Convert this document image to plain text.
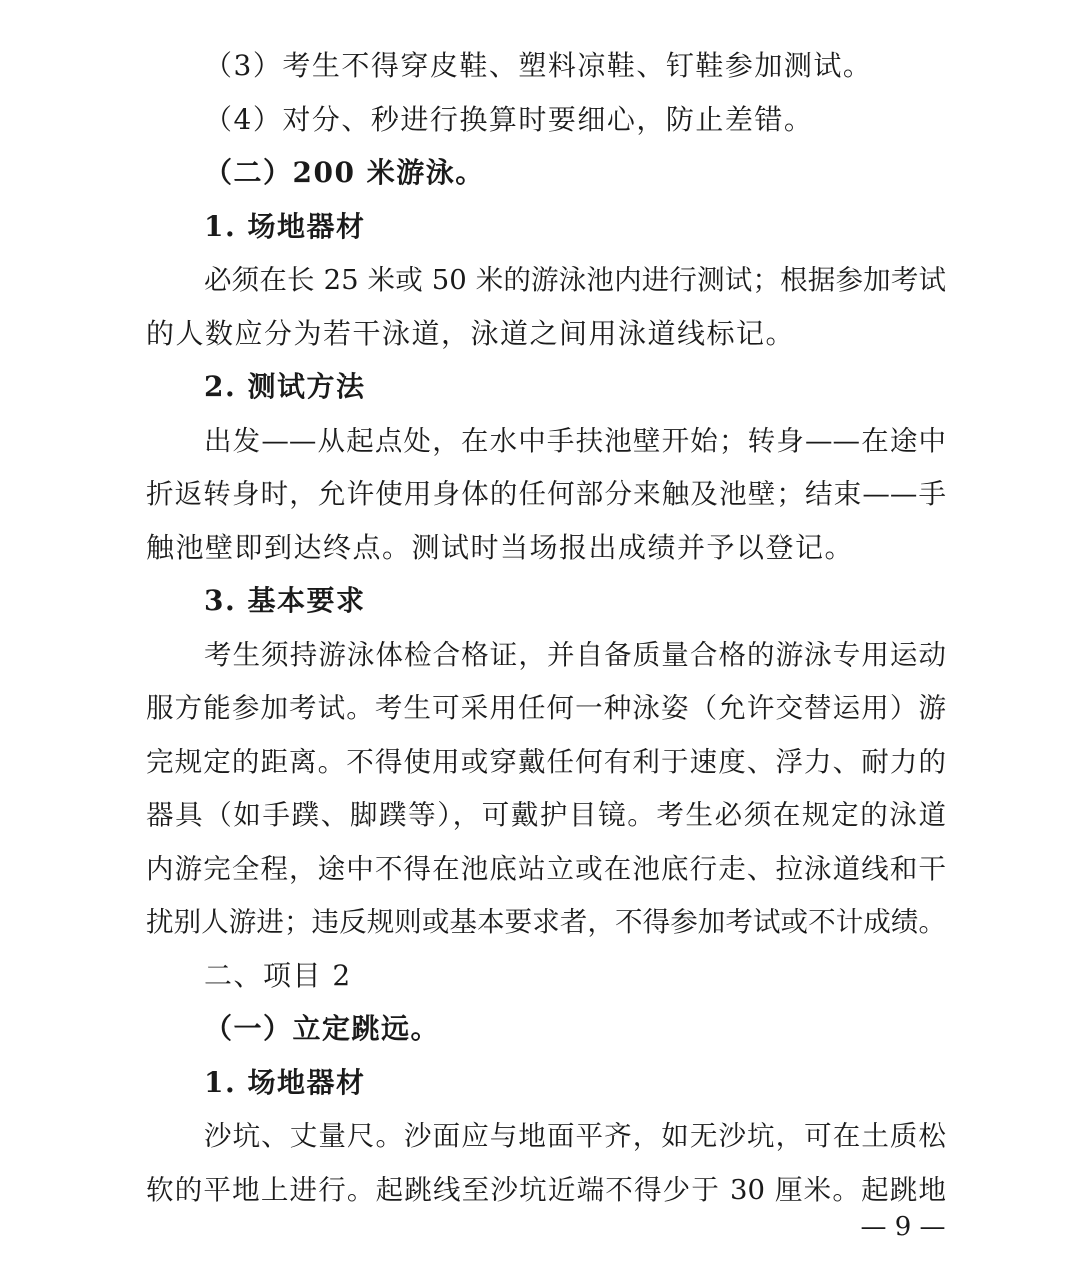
（3）考生不得穿皮鞋、塑料凉鞋、钉鞋参加测试。
（4）对分、秒进行换算时要细心，防止差错。
（二）200 米游泳。
1. 场地器材
必须在长 25 米或 50 米的游泳池内进行测试；根据参加考试
的人数应分为若干泳道，泳道之间用泳道线标记。
2. 测试方法
出发——从起点处，在水中手扶池壁开始；转身——在途中
折返转身时，允许使用身体的任何部分来触及池壁；结束——手
触池壁即到达终点。测试时当场报出成绩并予以登记。
3. 基本要求
考生须持游泳体检合格证，并自备质量合格的游泳专用运动
服方能参加考试。考生可采用任何一种泳姿（允许交替运用）游
完规定的距离。不得使用或穿戴任何有利于速度、浮力、耐力的
器具（如手蹼、脚蹼等），可戴护目镜。考生必须在规定的泳道
内游完全程，途中不得在池底站立或在池底行走、拉泳道线和干
扰别人游进；违反规则或基本要求者，不得参加考试或不计成绩。
二、项目 2
（一）立定跳远。
1. 场地器材
沙坑、丈量尺。沙面应与地面平齐，如无沙坑，可在土质松
软的平地上进行。起跳线至沙坑近端不得少于 30 厘米。起跳地
— 9 —
